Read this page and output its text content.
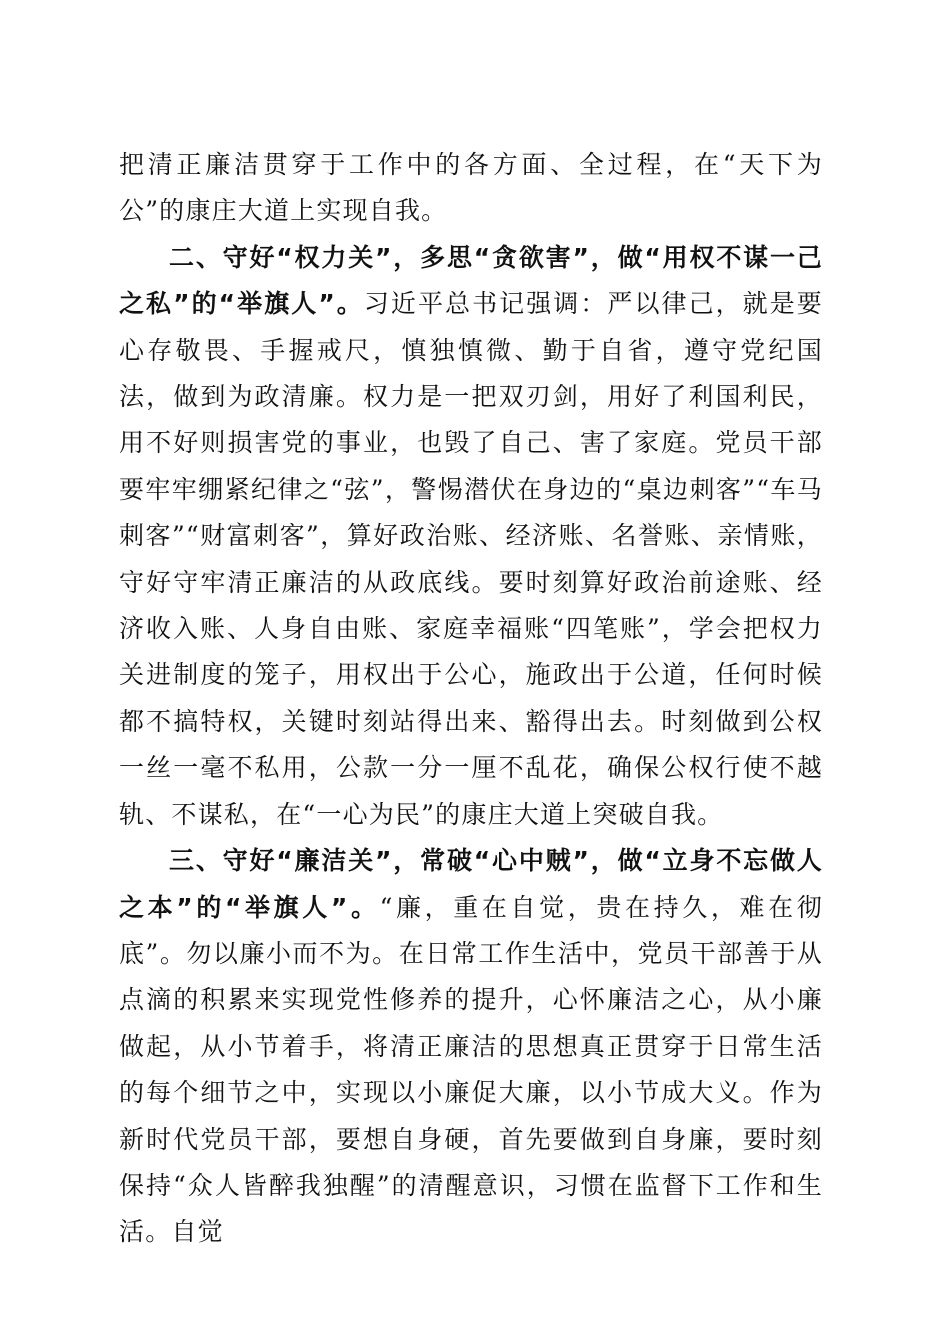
把清正廉洁贯穿于工作中的各方面、全过程，在“天下为公”的康庄大道上实现自我。

二、守好“权力关”，多思“贪欲害”，做“用权不谋一己之私”的“举旗人”。习近平总书记强调：严以律己，就是要心存敬畏、手握戒尺，慎独慎微、勤于自省，遵守党纪国法，做到为政清廉。权力是一把双刃剑，用好了利国利民，用不好则损害党的事业，也毁了自己、害了家庭。党员干部要牢牢绷紧纪律之“弦”，警惕潜伏在身边的“桌边刺客”“车马刺客”“财富刺客”，算好政治账、经济账、名誉账、亲情账，守好守牢清正廉洁的从政底线。要时刻算好政治前途账、经济收入账、人身自由账、家庭幸福账“四笔账”，学会把权力关进制度的笼子，用权出于公心，施政出于公道，任何时候都不搞特权，关键时刻站得出来、豁得出去。时刻做到公权一丝一毫不私用，公款一分一厘不乱花，确保公权行使不越轨、不谋私，在“一心为民”的康庄大道上突破自我。

三、守好“廉洁关”，常破“心中贼”，做“立身不忘做人之本”的“举旗人”。“廉，重在自觉，贵在持久，难在彻底”。勿以廉小而不为。在日常工作生活中，党员干部善于从点滴的积累来实现党性修养的提升，心怀廉洁之心，从小廉做起，从小节着手，将清正廉洁的思想真正贯穿于日常生活的每个细节之中，实现以小廉促大廉，以小节成大义。作为新时代党员干部，要想自身硬，首先要做到自身廉，要时刻保持“众人皆醉我独醒”的清醒意识，习惯在监督下工作和生活。自觉
